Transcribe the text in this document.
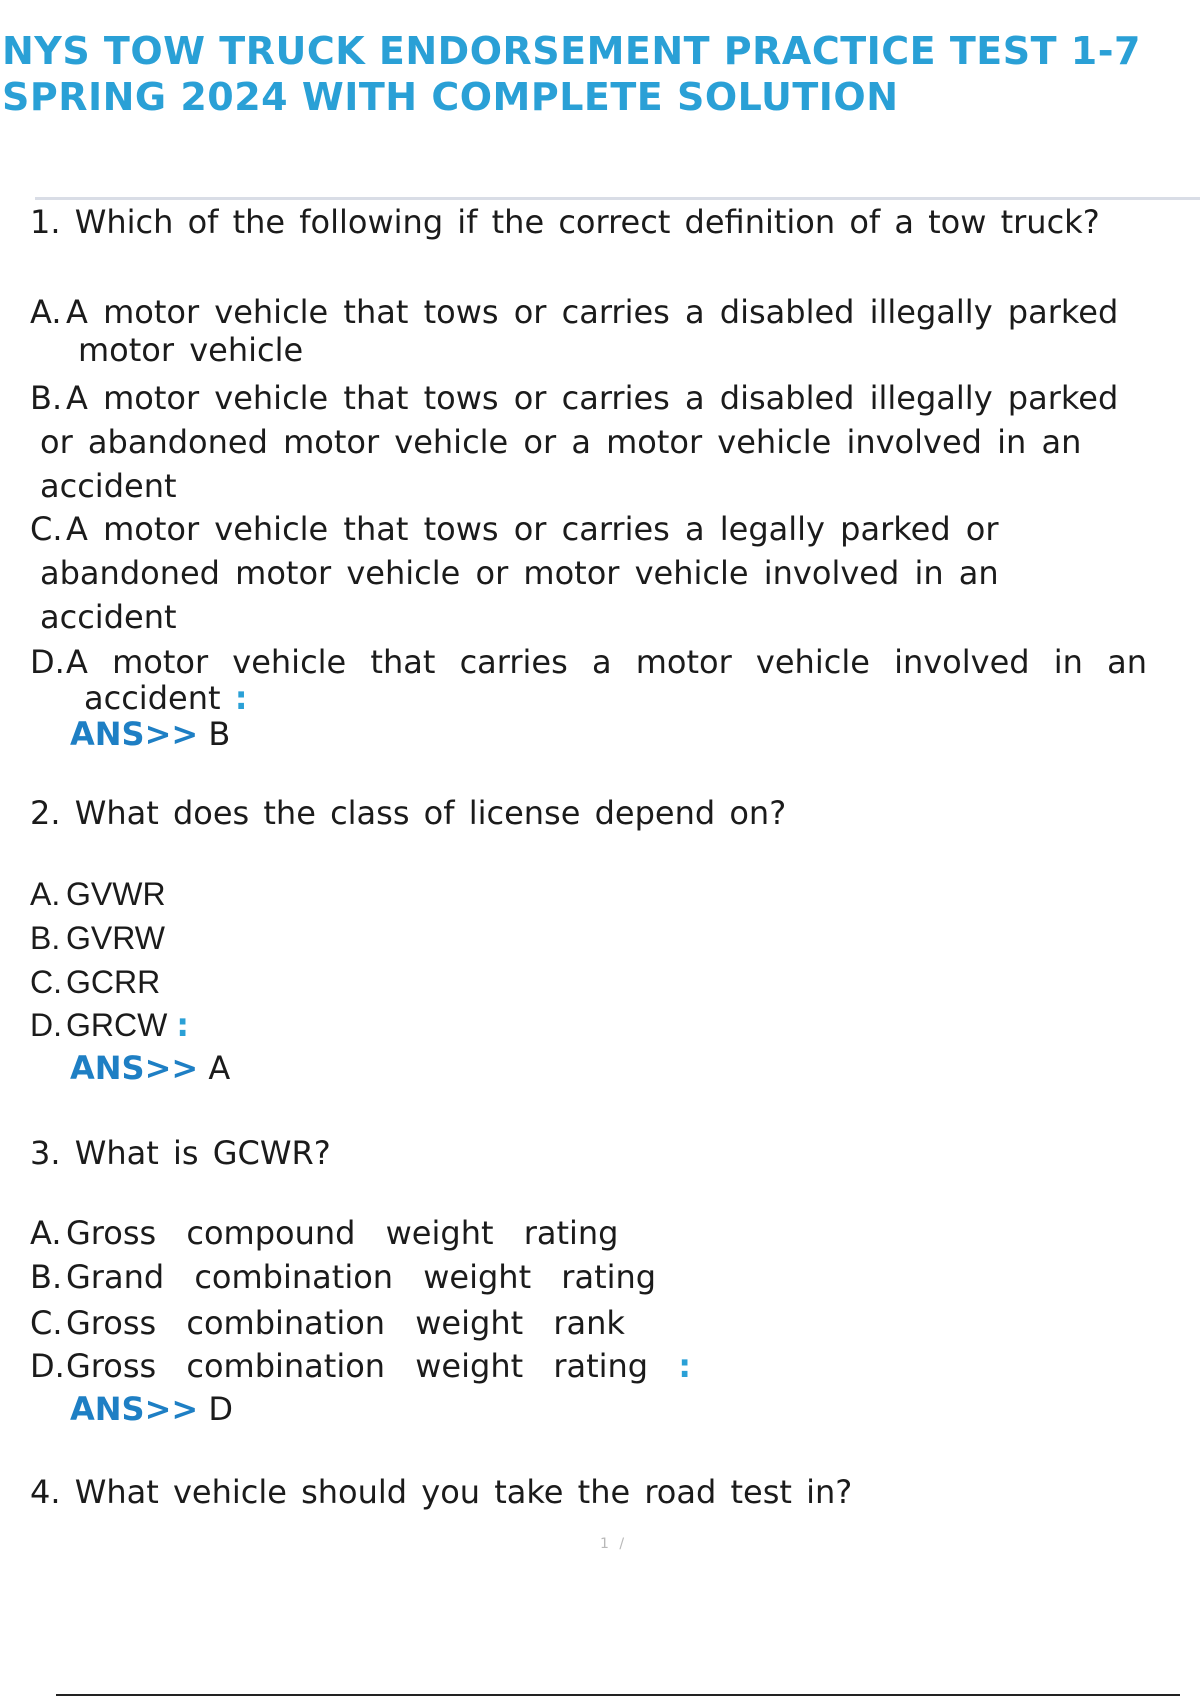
NYS TOW TRUCK ENDORSEMENT PRACTICE TEST 1-7
SPRING 2024 WITH COMPLETE SOLUTION
1. Which of the following if the correct definition of a tow truck?
A. A motor vehicle that tows or carries a disabled illegally parked
motor vehicle
B. A motor vehicle that tows or carries a disabled illegally parked
or abandoned motor vehicle or a motor vehicle involved in an
accident
C. A motor vehicle that tows or carries a legally parked or
abandoned motor vehicle or motor vehicle involved in an
accident
D.A motor vehicle that carries a motor vehicle involved in an
accident :
ANS>> B
2. What does the class of license depend on?
A. GVWR
B. GVRW
C. GCRR
D. GRCW :
ANS>> A
3. What is GCWR?
A. Gross compound weight rating
B. Grand combination weight rating
C. Gross combination weight rank
D.Gross combination weight rating :
ANS>> D
4. What vehicle should you take the road test in?
1 /
